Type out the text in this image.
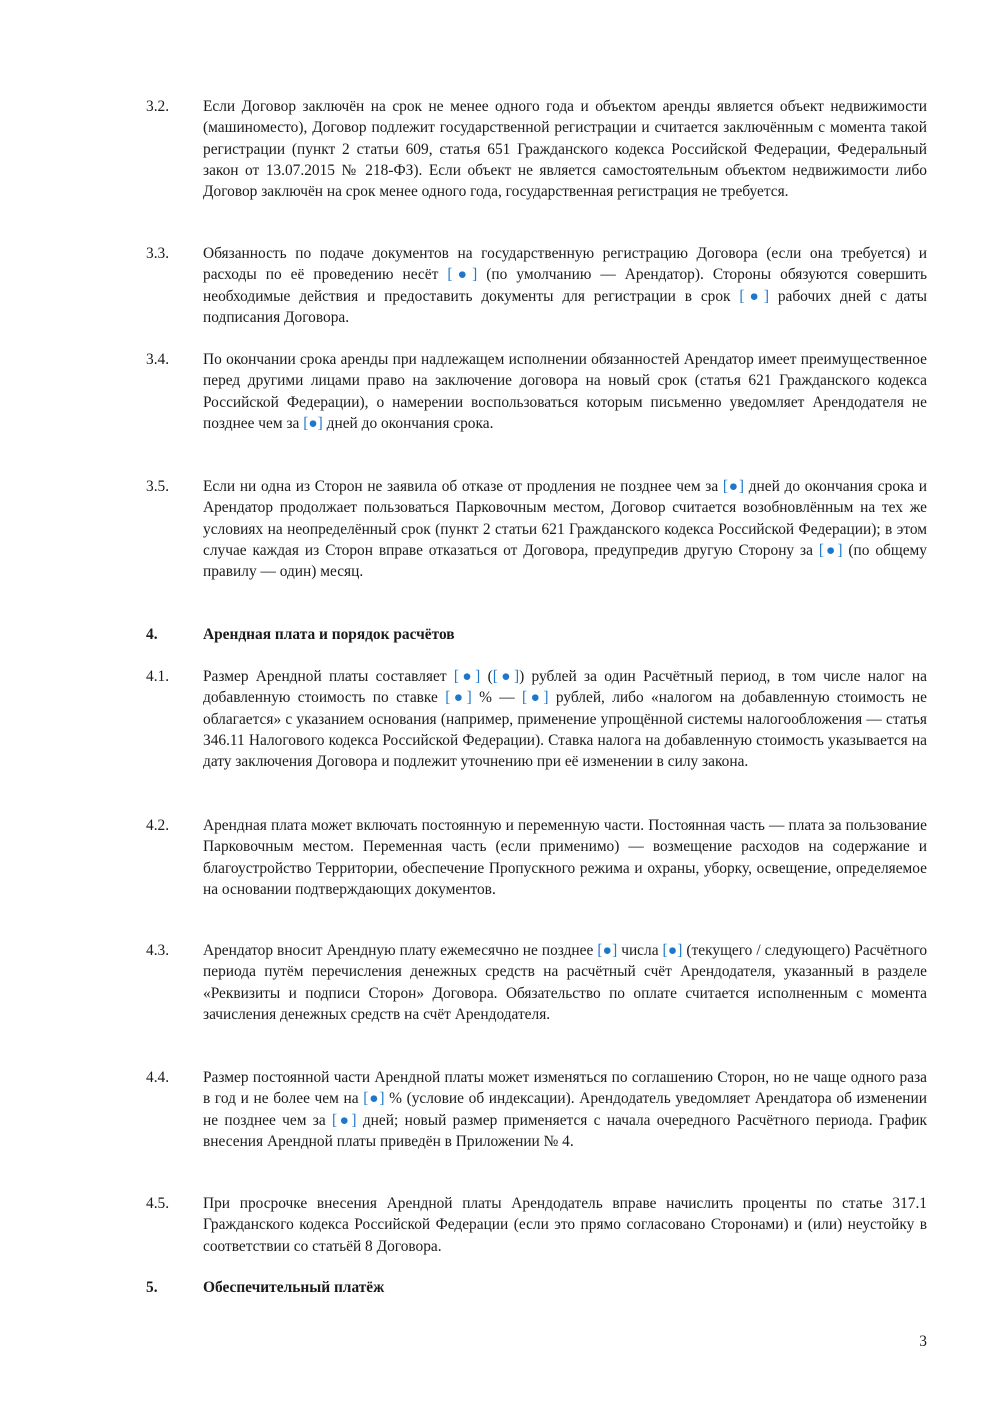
3.2. Если Договор заключён на срок не менее одного года и объектом аренды является объект недвижимости (машиноместо), Договор подлежит государственной регистрации и считается заключённым с момента такой регистрации (пункт 2 статьи 609, статья 651 Гражданского кодекса Российской Федерации, Федеральный закон от 13.07.2015 № 218-ФЗ). Если объект не является самостоятельным объектом недвижимости либо Договор заключён на срок менее одного года, государственная регистрация не требуется.
3.3. Обязанность по подаче документов на государственную регистрацию Договора (если она требуется) и расходы по её проведению несёт [●] (по умолчанию — Арендатор). Стороны обязуются совершить необходимые действия и предоставить документы для регистрации в срок [●] рабочих дней с даты подписания Договора.
3.4. По окончании срока аренды при надлежащем исполнении обязанностей Арендатор имеет преимущественное перед другими лицами право на заключение договора на новый срок (статья 621 Гражданского кодекса Российской Федерации), о намерении воспользоваться которым письменно уведомляет Арендодателя не позднее чем за [●] дней до окончания срока.
3.5. Если ни одна из Сторон не заявила об отказе от продления не позднее чем за [●] дней до окончания срока и Арендатор продолжает пользоваться Парковочным местом, Договор считается возобновлённым на тех же условиях на неопределённый срок (пункт 2 статьи 621 Гражданского кодекса Российской Федерации); в этом случае каждая из Сторон вправе отказаться от Договора, предупредив другую Сторону за [●] (по общему правилу — один) месяц.
4.	Арендная плата и порядок расчётов
4.1. Размер Арендной платы составляет [●] ([●]) рублей за один Расчётный период, в том числе налог на добавленную стоимость по ставке [●] % — [●] рублей, либо «налогом на добавленную стоимость не облагается» с указанием основания (например, применение упрощённой системы налогообложения — статья 346.11 Налогового кодекса Российской Федерации). Ставка налога на добавленную стоимость указывается на дату заключения Договора и подлежит уточнению при её изменении в силу закона.
4.2. Арендная плата может включать постоянную и переменную части. Постоянная часть — плата за пользование Парковочным местом. Переменная часть (если применимо) — возмещение расходов на содержание и благоустройство Территории, обеспечение Пропускного режима и охраны, уборку, освещение, определяемое на основании подтверждающих документов.
4.3. Арендатор вносит Арендную плату ежемесячно не позднее [●] числа [●] (текущего / следующего) Расчётного периода путём перечисления денежных средств на расчётный счёт Арендодателя, указанный в разделе «Реквизиты и подписи Сторон» Договора. Обязательство по оплате считается исполненным с момента зачисления денежных средств на счёт Арендодателя.
4.4. Размер постоянной части Арендной платы может изменяться по соглашению Сторон, но не чаще одного раза в год и не более чем на [●] % (условие об индексации). Арендодатель уведомляет Арендатора об изменении не позднее чем за [●] дней; новый размер применяется с начала очередного Расчётного периода. График внесения Арендной платы приведён в Приложении № 4.
4.5. При просрочке внесения Арендной платы Арендодатель вправе начислить проценты по статье 317.1 Гражданского кодекса Российской Федерации (если это прямо согласовано Сторонами) и (или) неустойку в соответствии со статьёй 8 Договора.
5.	Обеспечительный платёж
3
